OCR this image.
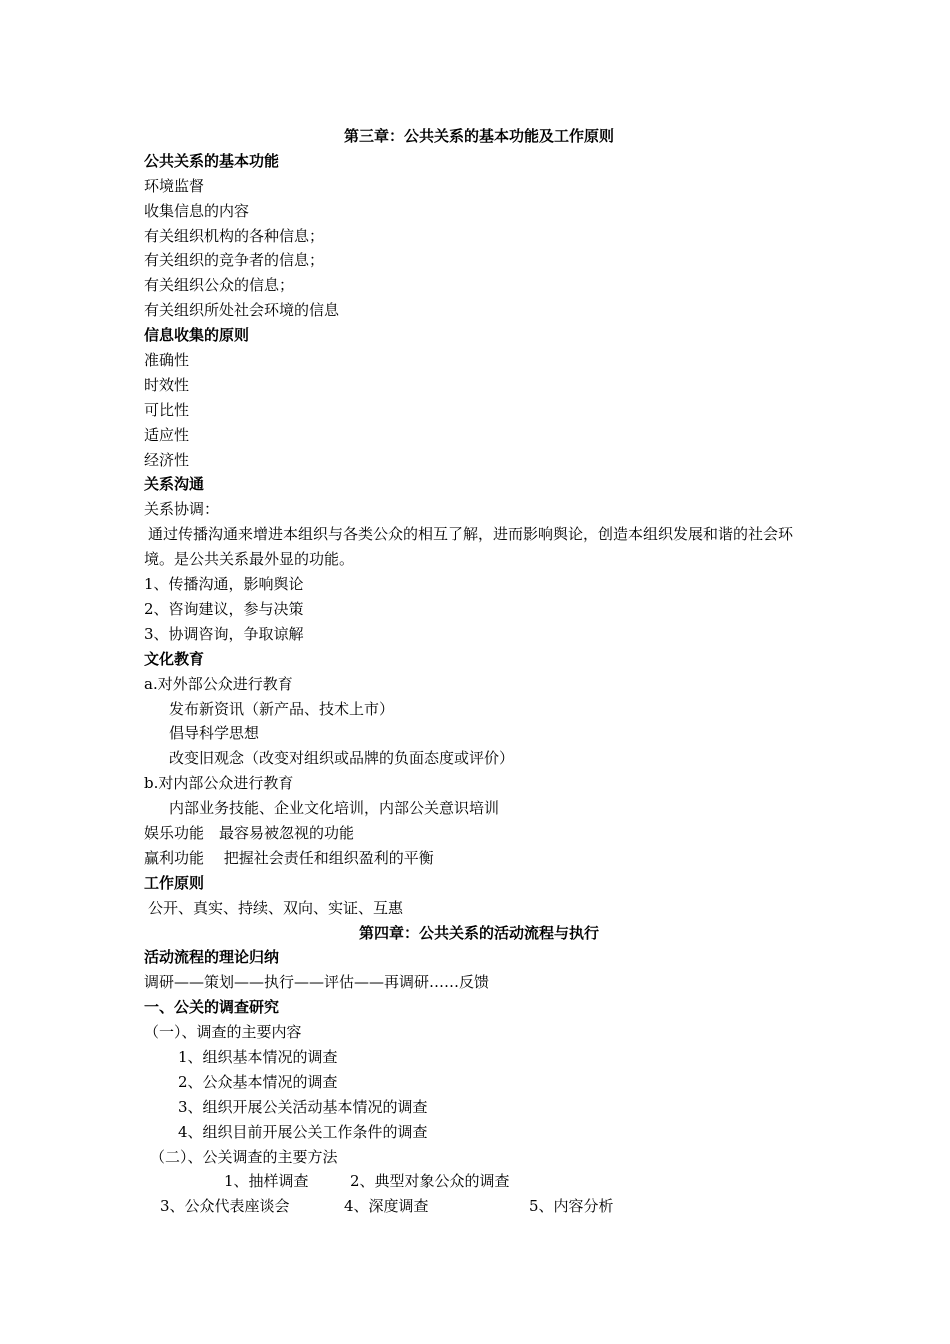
第三章：公共关系的基本功能及工作原则
公共关系的基本功能
环境监督
收集信息的内容
有关组织机构的各种信息；
有关组织的竞争者的信息；
有关组织公众的信息；
有关组织所处社会环境的信息
信息收集的原则
准确性
时效性
可比性
适应性
经济性
关系沟通
关系协调：
通过传播沟通来增进本组织与各类公众的相互了解，进而影响舆论，创造本组织发展和谐的社会环境。是公共关系最外显的功能。
1、传播沟通，影响舆论
2、咨询建议，参与决策
3、协调咨询，争取谅解
文化教育
a.对外部公众进行教育
发布新资讯（新产品、技术上市）
倡导科学思想
改变旧观念（改变对组织或品牌的负面态度或评价）
b.对内部公众进行教育
内部业务技能、企业文化培训，内部公关意识培训
娱乐功能　最容易被忽视的功能
赢利功能　 把握社会责任和组织盈利的平衡
工作原则
公开、真实、持续、双向、实证、互惠
第四章：公共关系的活动流程与执行
活动流程的理论归纳
调研——策划——执行——评估——再调研……反馈
一、公关的调查研究
（一）、调查的主要内容
1、组织基本情况的调查
2、公众基本情况的调查
3、组织开展公关活动基本情况的调查
4、组织目前开展公关工作条件的调查
（二）、公关调查的主要方法
1、抽样调查	2、典型对象公众的调查
3、公众代表座谈会	4、深度调查	5、内容分析
